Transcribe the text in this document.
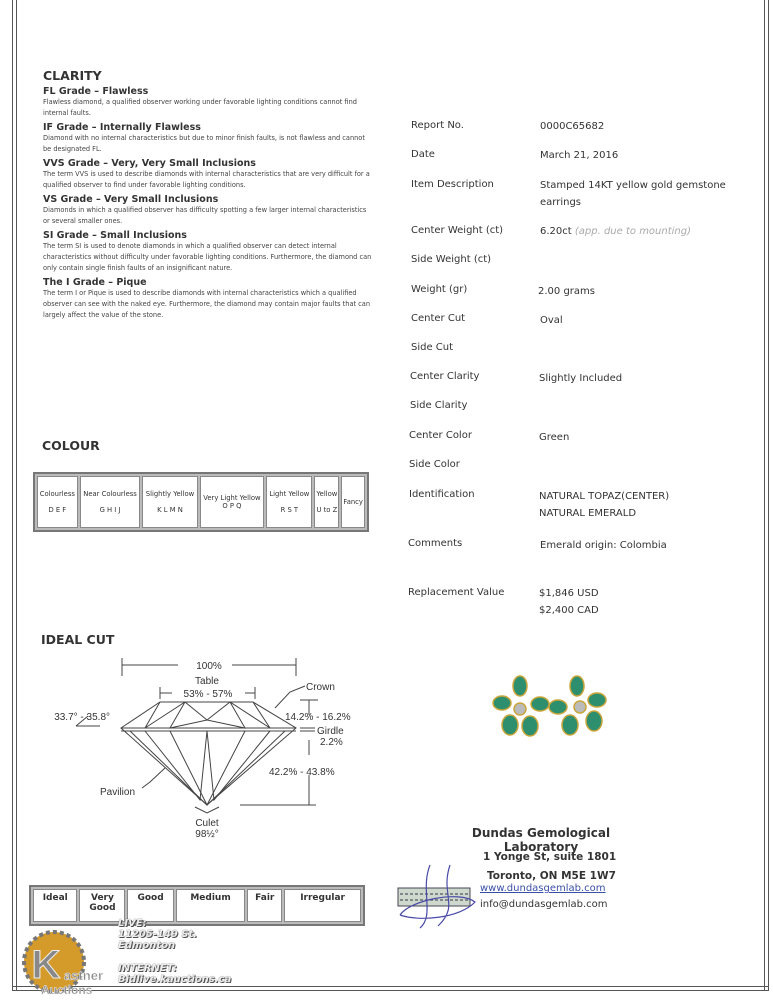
CLARITY
FL Grade – Flawless
Flawless diamond, a qualified observer working under favorable lighting conditions cannot find internal faults.
IF Grade – Internally Flawless
Diamond with no internal characteristics but due to minor finish faults, is not flawless and cannot be designated FL.
VVS Grade – Very, Very Small Inclusions
The term VVS is used to describe diamonds with internal characteristics that are very difficult for a qualified observer to find under favorable lighting conditions.
VS Grade – Very Small Inclusions
Diamonds in which a qualified observer has difficulty spotting a few larger internal characteristics or several smaller ones.
SI Grade – Small Inclusions
The term SI is used to denote diamonds in which a qualified observer can detect internal characteristics without difficulty under favorable lighting conditions. Furthermore, the diamond can only contain single finish faults of an insignificant nature.
The I Grade – Pique
The term I or Pique is used to describe diamonds with internal characteristics which a qualified observer can see with the naked eye. Furthermore, the diamond may contain major faults that can largely affect the value of the stone.
COLOUR
Colourless

D E F

Near Colourless

G H I J

Slightly Yellow

K L M N

Very Light Yellow
O P Q

Light Yellow

R S T

Yellow

U to Z

Fancy
IDEAL CUT
100%
Table
53% - 57%
Crown
33.7° - 35.8°	14.2% - 16.2%
Girdle
2.2%
42.2% - 43.8%
Pavilion
Culet
98½°
Ideal	Very Good	Good	Medium	Fair	Irregular
Report No.	0000C65682
Date	March 21, 2016
Item Description	Stamped 14KT yellow gold gemstone earrings
Center Weight (ct)	6.20ct (app. due to mounting)
Side Weight (ct)
Weight (gr)	2.00 grams
Center Cut	Oval
Side Cut
Center Clarity	Slightly Included
Side Clarity
Center Color	Green
Side Color
Identification	NATURAL TOPAZ(CENTER)
NATURAL EMERALD
Comments	Emerald origin: Colombia
Replacement Value	$1,846 USD
$2,400 CAD
Dundas Gemological Laboratory
1 Yonge St, suite 1801
Toronto, ON M5E 1W7
www.dundasgemlab.com
info@dundasgemlab.com
K astner
Auctions
LIVE:
11205-149 St.
Edmonton
INTERNET:
Bidlive.kauctions.ca
